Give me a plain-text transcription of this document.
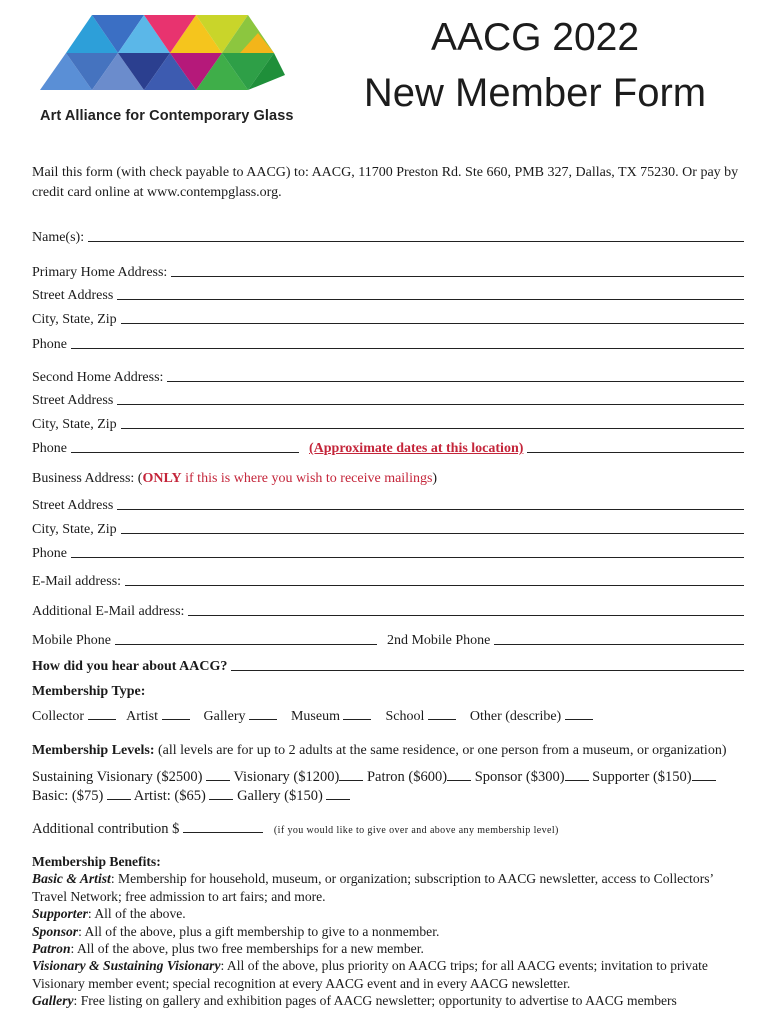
Art Alliance for Contemporary Glass
AACG 2022
New Member Form
Mail this form (with check payable to AACG) to: AACG, 11700 Preston Rd. Ste 660, PMB 327, Dallas, TX 75230. Or pay by credit card online at www.contempglass.org.
Name(s):
Primary Home Address:
Street Address
City, State, Zip
Phone
Second Home Address:
Street Address
City, State, Zip
Phone	(Approximate dates at this location)
Business Address: (ONLY if this is where you wish to receive mailings)
Street Address
City, State, Zip
Phone
E-Mail address:
Additional E-Mail address:
Mobile Phone	2nd Mobile Phone
How did you hear about AACG?
Membership Type:
Collector	Artist	Gallery	Museum	School	Other (describe)
Membership Levels: (all levels are for up to 2 adults at the same residence, or one person from a museum, or organization)
Sustaining Visionary ($2500) Visionary ($1200) Patron ($600) Sponsor ($300) Supporter ($150)
Basic: ($75) Artist: ($65) Gallery ($150)
Additional contribution $	(if you would like to give over and above any membership level)

Membership Benefits:

Basic & Artist: Membership for household, museum, or organization; subscription to AACG newsletter, access to Collectors’ Travel Network; free admission to art fairs; and more.

Supporter: All of the above.

Sponsor: All of the above, plus a gift membership to give to a nonmember.

Patron: All of the above, plus two free memberships for a new member.

Visionary & Sustaining Visionary: All of the above, plus priority on AACG trips; for all AACG events; invitation to private Visionary member event; special recognition at every AACG event and in every AACG newsletter.

Gallery: Free listing on gallery and exhibition pages of AACG newsletter; opportunity to advertise to AACG members
